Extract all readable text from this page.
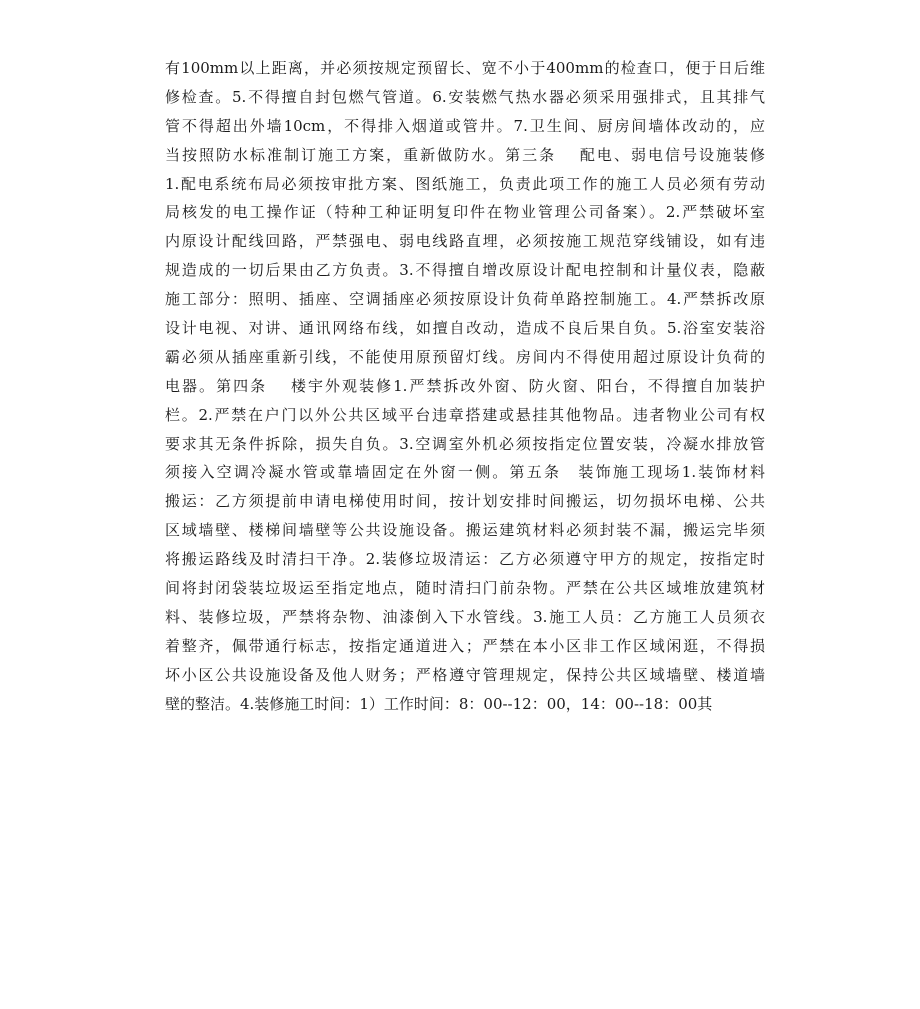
有100mm以上距离，并必须按规定预留长、宽不小于400mm的检查口，便于日后维
修检查。5.不得擅自封包燃气管道。6.安装燃气热水器必须采用强排式，且其排气
管不得超出外墙10cm，不得排入烟道或管井。7.卫生间、厨房间墙体改动的，应
当按照防水标准制订施工方案，重新做防水。第三条　 配电、弱电信号设施装修
1.配电系统布局必须按审批方案、图纸施工，负责此项工作的施工人员必须有劳动
局核发的电工操作证（特种工种证明复印件在物业管理公司备案）。2.严禁破坏室
内原设计配线回路，严禁强电、弱电线路直埋，必须按施工规范穿线铺设，如有违
规造成的一切后果由乙方负责。3.不得擅自增改原设计配电控制和计量仪表，隐蔽
施工部分：照明、插座、空调插座必须按原设计负荷单路控制施工。4.严禁拆改原
设计电视、对讲、通讯网络布线，如擅自改动，造成不良后果自负。5.浴室安装浴
霸必须从插座重新引线，不能使用原预留灯线。房间内不得使用超过原设计负荷的
电器。第四条　 楼宇外观装修1.严禁拆改外窗、防火窗、阳台，不得擅自加装护
栏。2.严禁在户门以外公共区域平台违章搭建或悬挂其他物品。违者物业公司有权
要求其无条件拆除，损失自负。3.空调室外机必须按指定位置安装，冷凝水排放管
须接入空调冷凝水管或靠墙固定在外窗一侧。第五条　装饰施工现场1.装饰材料
搬运：乙方须提前申请电梯使用时间，按计划安排时间搬运，切勿损坏电梯、公共
区域墙壁、楼梯间墙壁等公共设施设备。搬运建筑材料必须封装不漏，搬运完毕须
将搬运路线及时清扫干净。2.装修垃圾清运：乙方必须遵守甲方的规定，按指定时
间将封闭袋装垃圾运至指定地点，随时清扫门前杂物。严禁在公共区域堆放建筑材
料、装修垃圾，严禁将杂物、油漆倒入下水管线。3.施工人员：乙方施工人员须衣
着整齐，佩带通行标志，按指定通道进入；严禁在本小区非工作区域闲逛，不得损
坏小区公共设施设备及他人财务；严格遵守管理规定，保持公共区域墙壁、楼道墙
壁的整洁。4.装修施工时间：1）工作时间：8：00--12：00，14：00--18：00其
